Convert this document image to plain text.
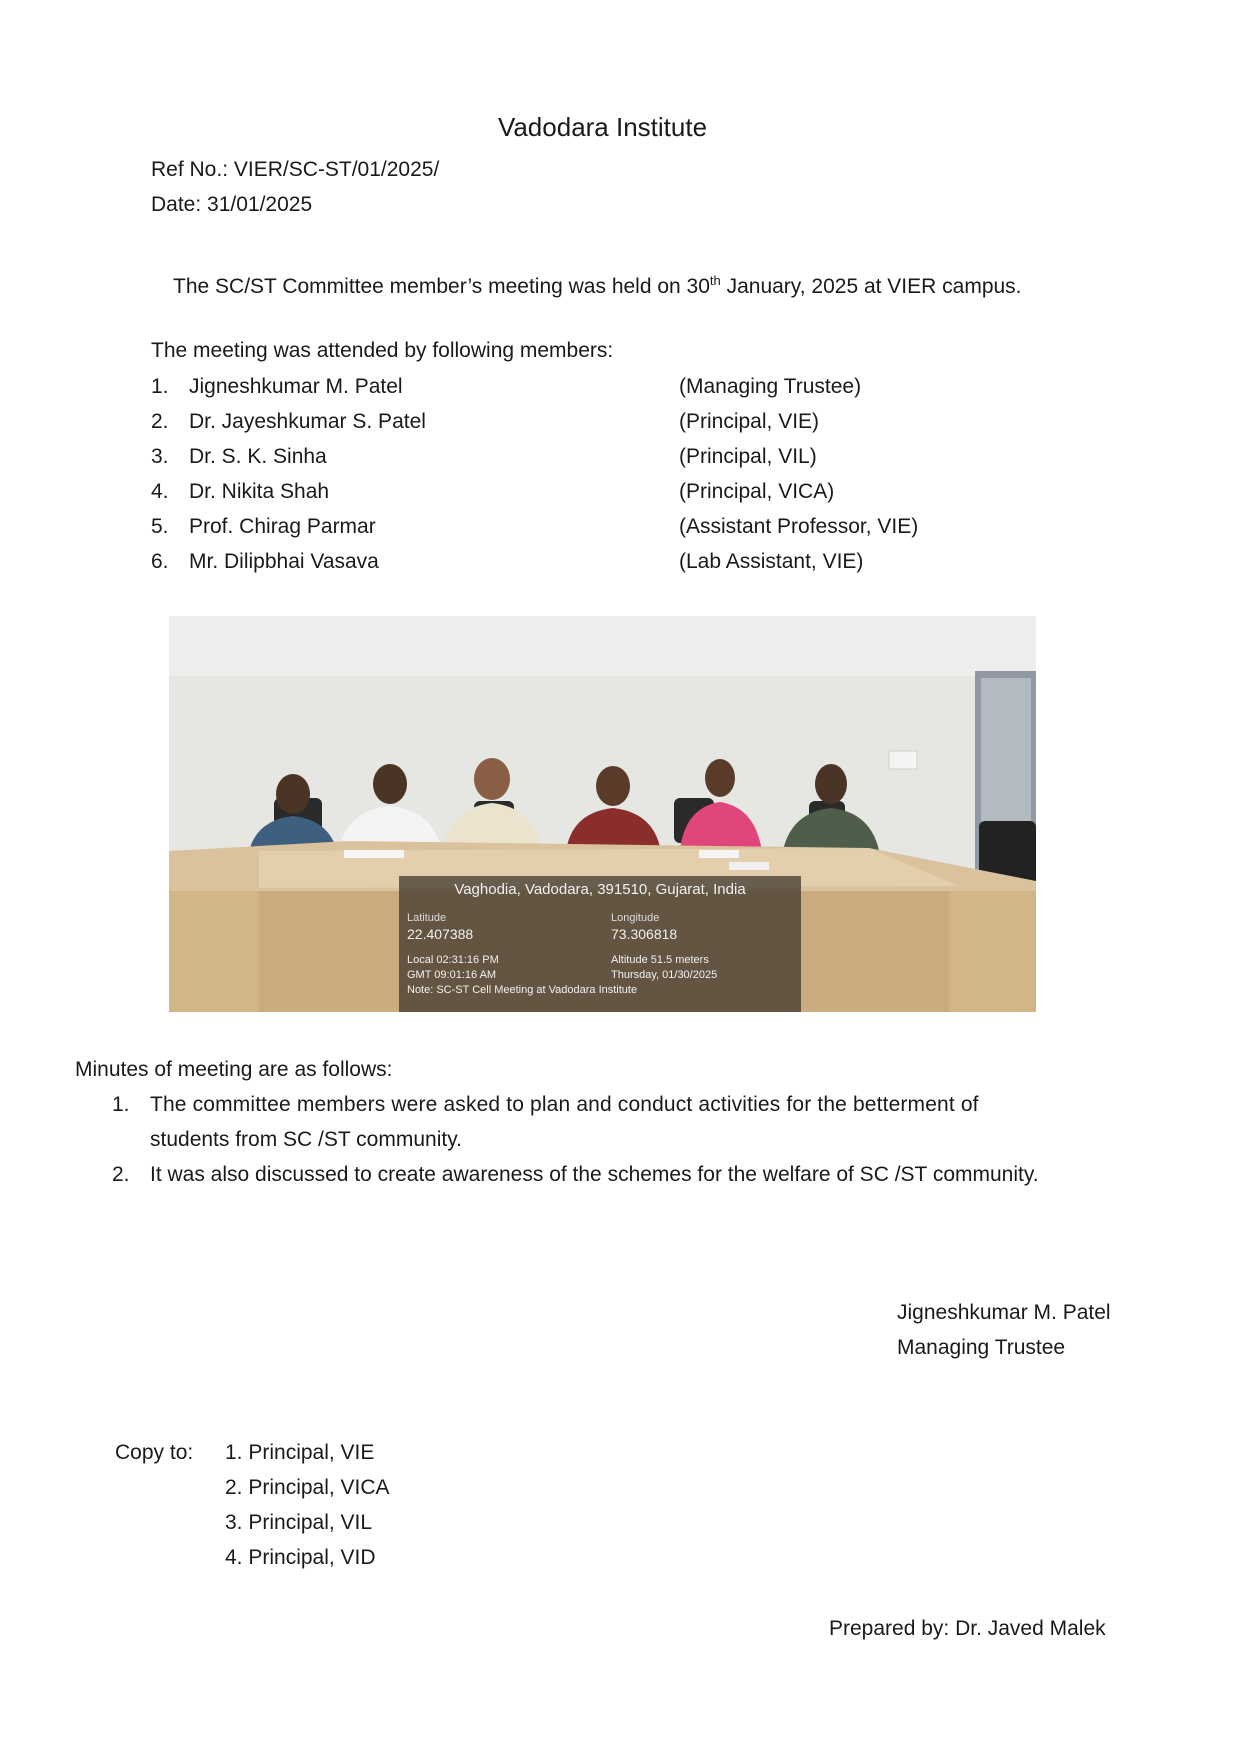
Vadodara Institute
Ref No.: VIER/SC-ST/01/2025/
Date: 31/01/2025
The SC/ST Committee member’s meeting was held on 30th January, 2025 at VIER campus.
The meeting was attended by following members:
1. Jigneshkumar M. Patel	(Managing Trustee)
2. Dr. Jayeshkumar S. Patel	(Principal, VIE)
3. Dr. S. K. Sinha	(Principal, VIL)
4. Dr. Nikita Shah	(Principal, VICA)
5. Prof. Chirag Parmar	(Assistant Professor, VIE)
6. Mr. Dilipbhai Vasava	(Lab Assistant, VIE)
Vaghodia, Vadodara, 391510, Gujarat, India
Latitude
22.407388
Longitude
73.306818
Local 02:31:16 PM	Altitude 51.5 meters
GMT 09:01:16 AM	Thursday, 01/30/2025
Note: SC-ST Cell Meeting at Vadodara Institute
Minutes of meeting are as follows:
1. The committee members were asked to plan and conduct activities for the betterment of
students from SC /ST community.
2. It was also discussed to create awareness of the schemes for the welfare of SC /ST community.
Jigneshkumar M. Patel
Managing Trustee
Copy to: 1. Principal, VIE
2. Principal, VICA
3. Principal, VIL
4. Principal, VID
Prepared by: Dr. Javed Malek
